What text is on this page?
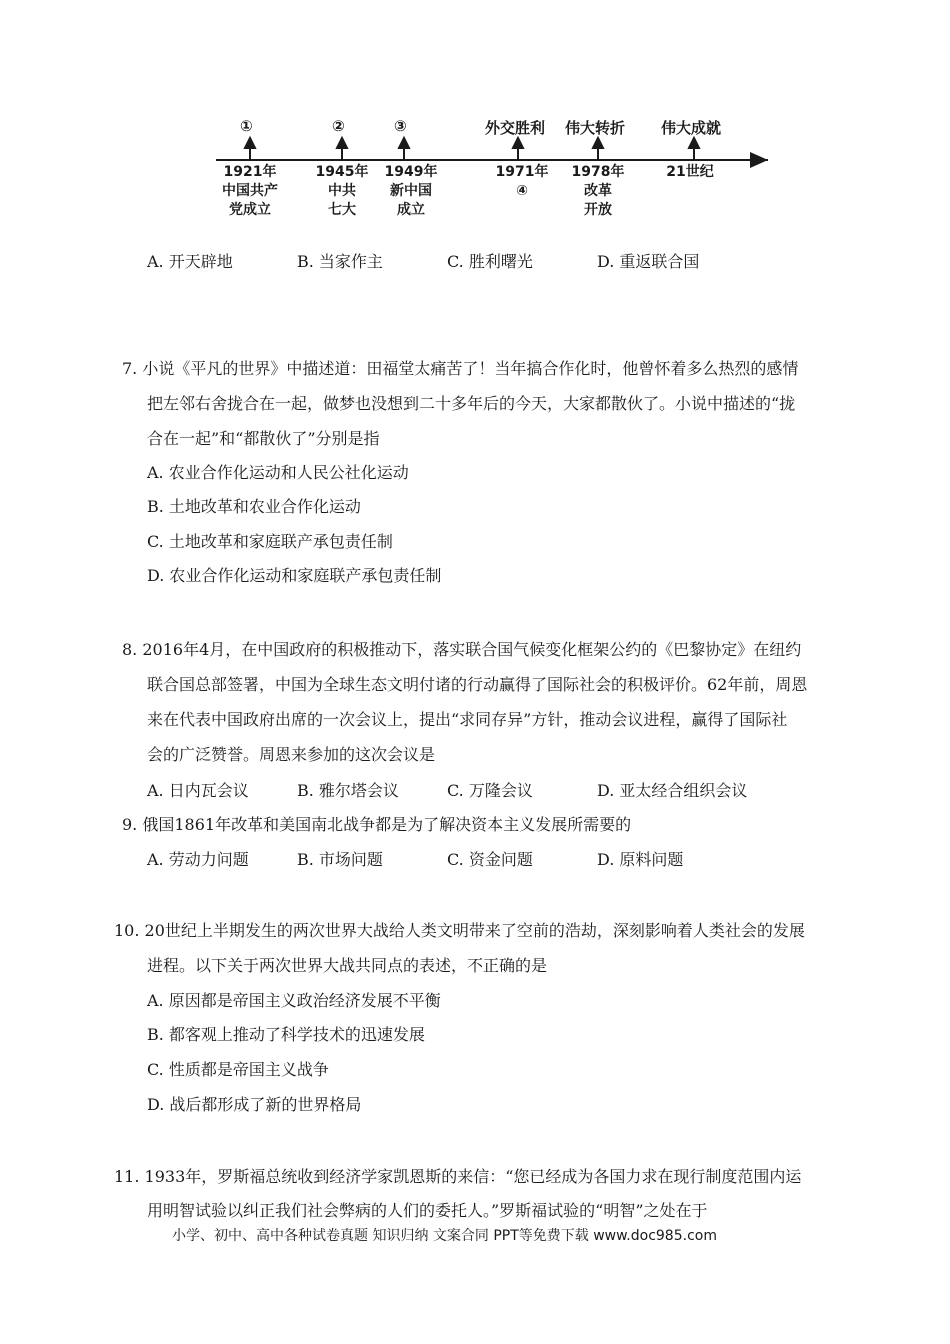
①	②	③	外交胜利 伟大转折 伟大成就
1921年
中国共产
党成立
1945年
中共
七大
1949年
新中国
成立
1971年
④
1978年
改革
开放
21世纪
A. 开天辟地	B. 当家作主	C. 胜利曙光	D. 重返联合国
7. 小说《平凡的世界》中描述道：田福堂太痛苦了！当年搞合作化时，他曾怀着多么热烈的感情
把左邻右舍拢合在一起，做梦也没想到二十多年后的今天，大家都散伙了。小说中描述的“拢
合在一起”和“都散伙了”分别是指
A. 农业合作化运动和人民公社化运动
B. 土地改革和农业合作化运动
C. 土地改革和家庭联产承包责任制
D. 农业合作化运动和家庭联产承包责任制
8. 2016年4月，在中国政府的积极推动下，落实联合国气候变化框架公约的《巴黎协定》在纽约
联合国总部签署，中国为全球生态文明付诸的行动赢得了国际社会的积极评价。62年前，周恩
来在代表中国政府出席的一次会议上，提出“求同存异”方针，推动会议进程，赢得了国际社
会的广泛赞誉。周恩来参加的这次会议是
A. 日内瓦会议	B. 雅尔塔会议	C. 万隆会议	D. 亚太经合组织会议
9. 俄国1861年改革和美国南北战争都是为了解决资本主义发展所需要的
A. 劳动力问题	B. 市场问题	C. 资金问题	D. 原料问题
10. 20世纪上半期发生的两次世界大战给人类文明带来了空前的浩劫，深刻影响着人类社会的发展
进程。以下关于两次世界大战共同点的表述，不正确的是
A. 原因都是帝国主义政治经济发展不平衡
B. 都客观上推动了科学技术的迅速发展
C. 性质都是帝国主义战争
D. 战后都形成了新的世界格局
11. 1933年，罗斯福总统收到经济学家凯恩斯的来信：“您已经成为各国力求在现行制度范围内运
用明智试验以纠正我们社会弊病的人们的委托人。”罗斯福试验的“明智”之处在于
小学、初中、高中各种试卷真题 知识归纳 文案合同 PPT等免费下载 www.doc985.com
